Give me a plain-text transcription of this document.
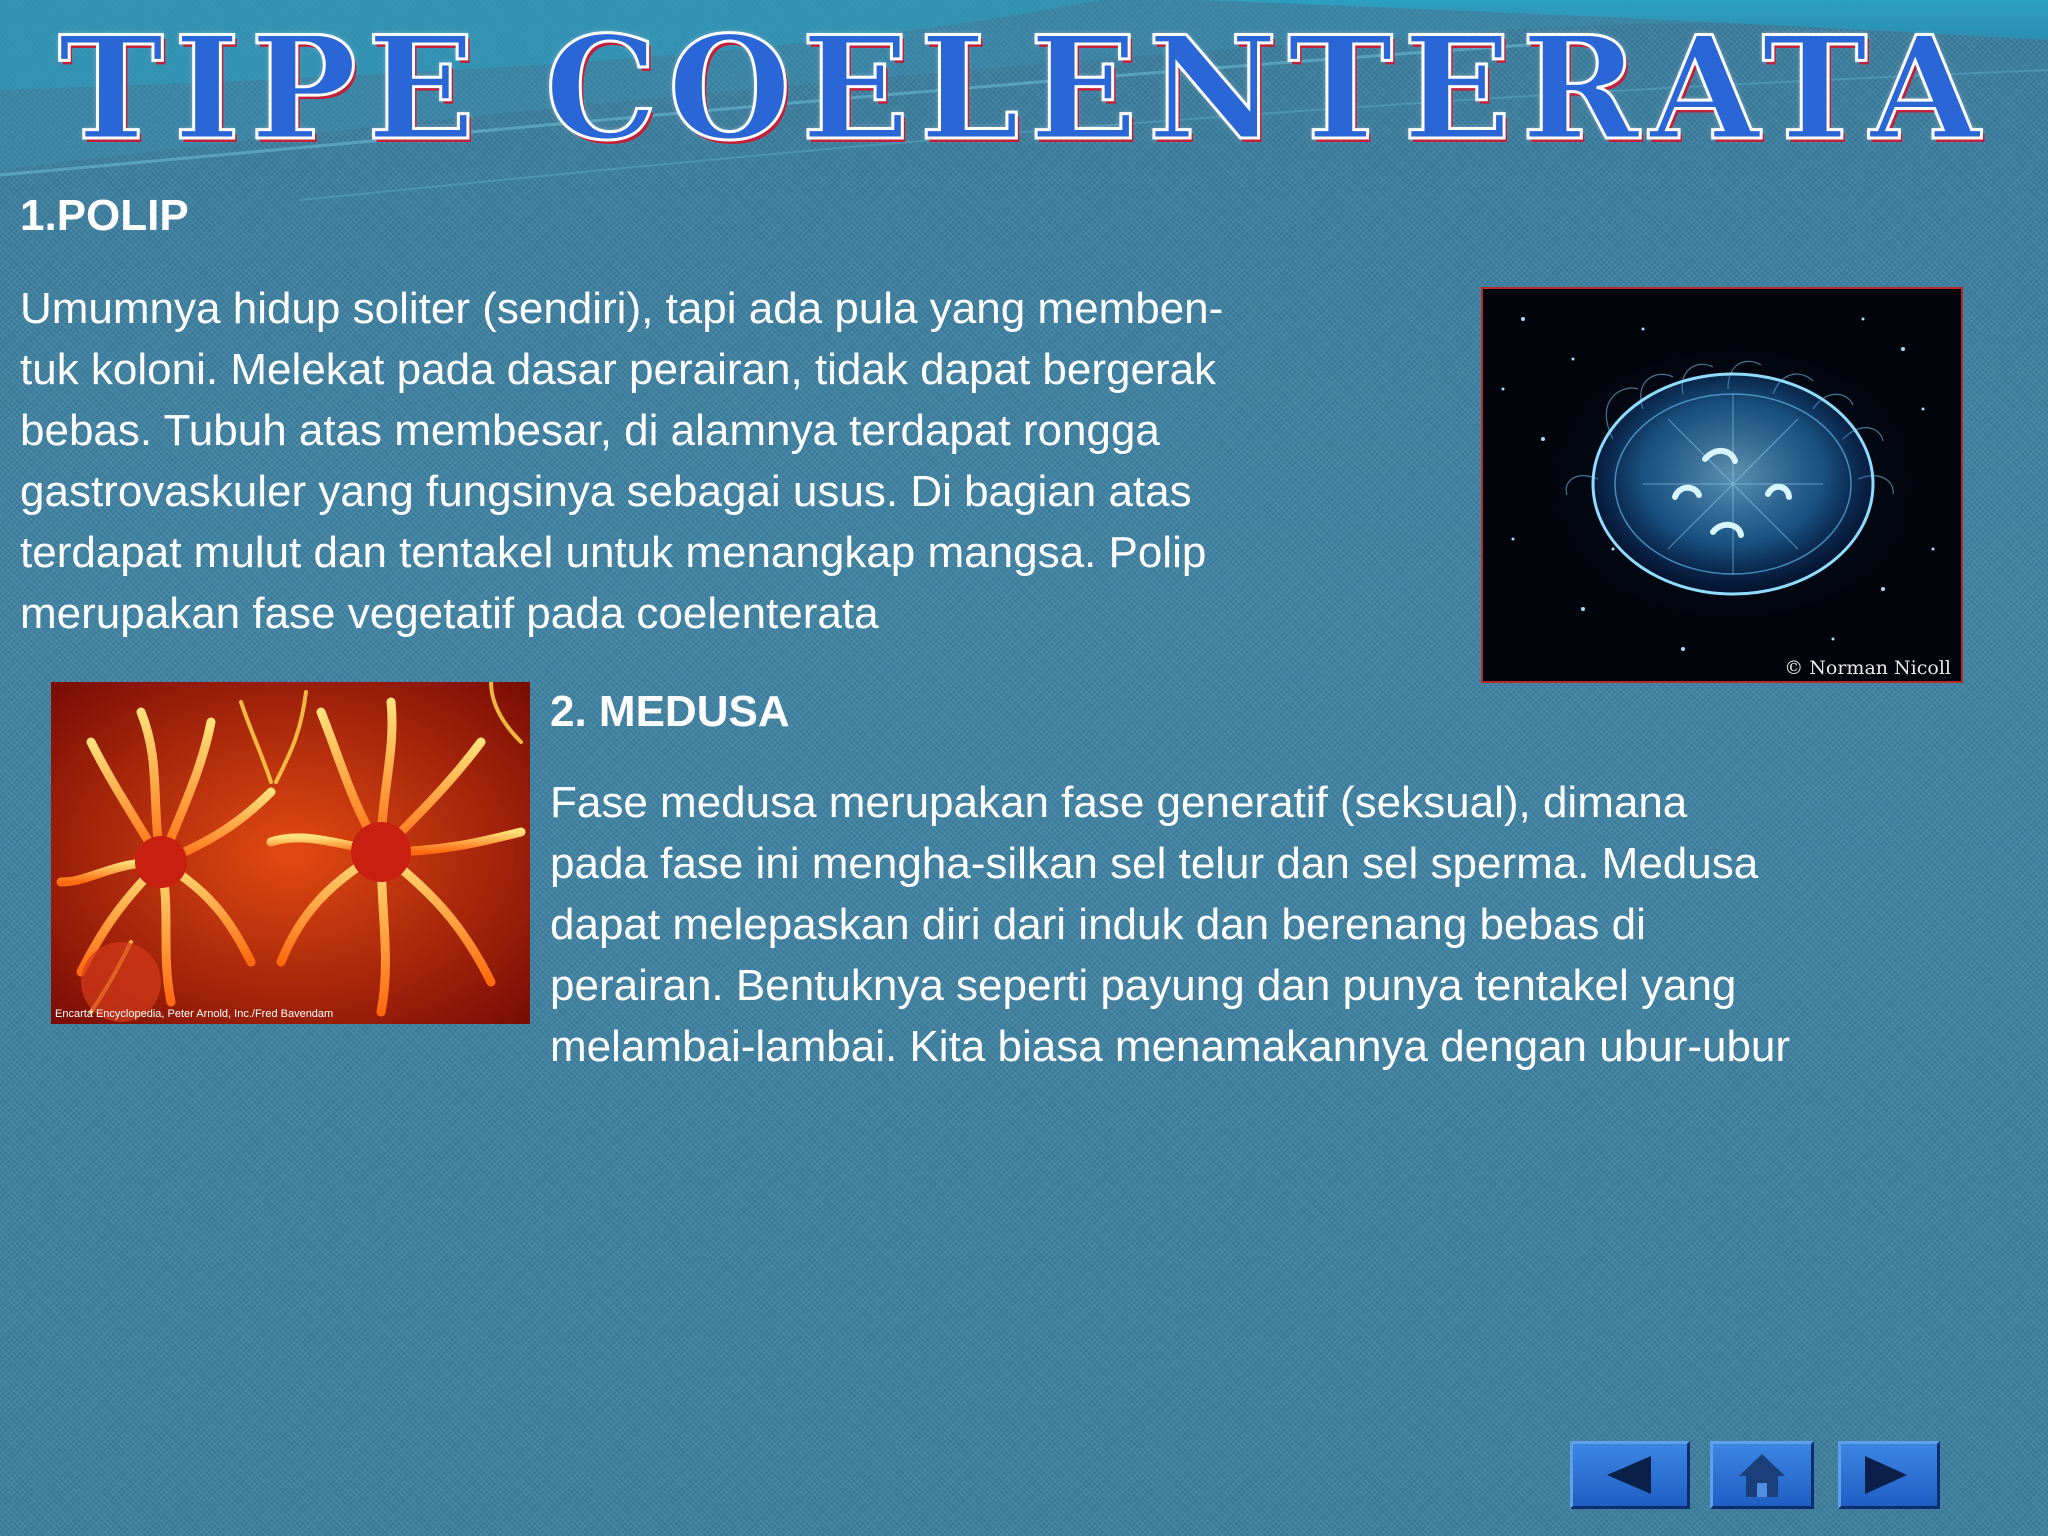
TIPE COELENTERATA
1.POLIP

Umumnya hidup soliter (sendiri), tapi ada pula yang memben-
tuk koloni. Melekat pada dasar perairan, tidak dapat bergerak
bebas. Tubuh atas membesar, di alamnya terdapat rongga
gastrovaskuler yang fungsinya sebagai usus. Di bagian atas
terdapat mulut dan tentakel untuk menangkap mangsa. Polip
merupakan fase vegetatif pada coelenterata

© Norman Nicoll
2. MEDUSA

Fase medusa merupakan fase generatif (seksual), dimana
pada fase ini mengha-silkan sel telur dan sel sperma. Medusa
dapat melepaskan diri dari induk dan berenang bebas di
perairan. Bentuknya seperti payung dan punya tentakel yang
melambai-lambai. Kita biasa menamakannya dengan ubur-ubur

Encarta Encyclopedia, Peter Arnold, Inc./Fred Bavendam
